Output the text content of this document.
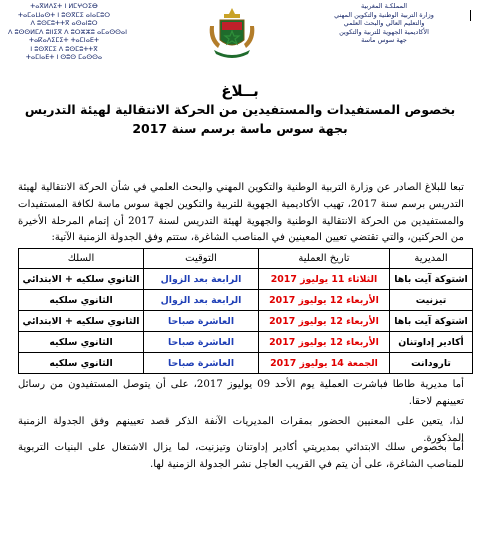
ⵜⴰⴳⵍⴷⵉⵜ ⵏ ⵍⵎⵖⵔⵉⴱ
ⵜⴰⵎⴰⵡⴰⵙⵜ ⵏ ⵓⵙⴳⵎⵉ ⴰⵏⴰⵎⵓⵔ
ⴷ ⵓⵙⵎⵓⵜⵜⴳ ⴰⵙⴰⵏⵓⵔ
ⴷ ⵓⵙⵙⵍⵎⴷ ⵓⵏⵏⵉⴳ ⴷ ⵓⵔⵣⵣⵓ ⴰⵎⴰⵙⵙⴰⵏ
ⵜⴰⴽⴰⴷⵉⵎⵉⵜ ⵜⴰⵎⵏⴰⴹⵜ
ⵏ ⵓⵙⴳⵎⵉ ⴷ ⵓⵙⵎⵓⵜⵜⴳ
ⵜⴰⵎⵏⴰⴹⵜ ⵏ ⵙⵓⵙ ⵎⴰⵙⵙⴰ
المملكـة المغربية
وزارة التربية الوطنية والتكوين المهني
والتعليم العالي والبحث العلمي
الأكاديمية الجهوية للتربية والتكوين
جهة سوس ماسة
بــلاغ
بخصوص المستفيدات والمستفيدين من الحركة الانتقالية لهيئة التدريس
بجهة سوس ماسة برسم سنة 2017
تبعا للبلاغ الصادر عن وزارة التربية الوطنية والتكوين المهني والبحث العلمي في شأن الحركة الانتقالية لهيئة التدريس برسم سنة 2017، تهيب الأكاديمية الجهوية للتربية والتكوين لجهة سوس ماسة لكافة المستفيدات والمستفيدين من الحركة الانتقالية الوطنية والجهوية لهيئة التدريس لسنة 2017 أن إتمام المرحلة الأخيرة من الحركتين، والتي تقتضي تعيين المعينين في المناصب الشاغرة، ستتم وفق الجدولة الزمنية الآتية:
المديرية	تاريخ العملية	التوقيت	السلك
اشتوكة آيت باها	الثلاثاء 11 يوليوز 2017	الرابعة بعد الزوال	الثانوي سلكيه + الابتدائي
تيزنيت	الأربعاء 12 يوليوز 2017	الرابعة بعد الزوال	الثانوي سلكيه
اشتوكة آيت باها	الأربعاء 12 يوليوز 2017	العاشرة صباحا	الثانوي سلكيه + الابتدائي
أكادير إداوتنان	الأربعاء 12 يوليوز 2017	العاشرة صباحا	الثانوي سلكيه
تارودانت	الجمعة 14 يوليوز 2017	العاشرة صباحا	الثانوي سلكيه
أما مديرية طاطا فباشرت العملية يوم الأحد 09 يوليوز 2017، على أن يتوصل المستفيدون من رسائل تعيينهم لاحقا.
لذا، يتعين على المعنيين الحضور بمقرات المديريات الآنفة الذكر قصد تعيينهم وفق الجدولة الزمنية المذكورة.
أما بخصوص سلك الابتدائي بمديريتي أكادير إداوتنان وتيزنيت، لما يزال الاشتغال على البنيات التربوية للمناصب الشاغرة، على أن يتم في القريب العاجل نشر الجدولة الزمنية لها.
